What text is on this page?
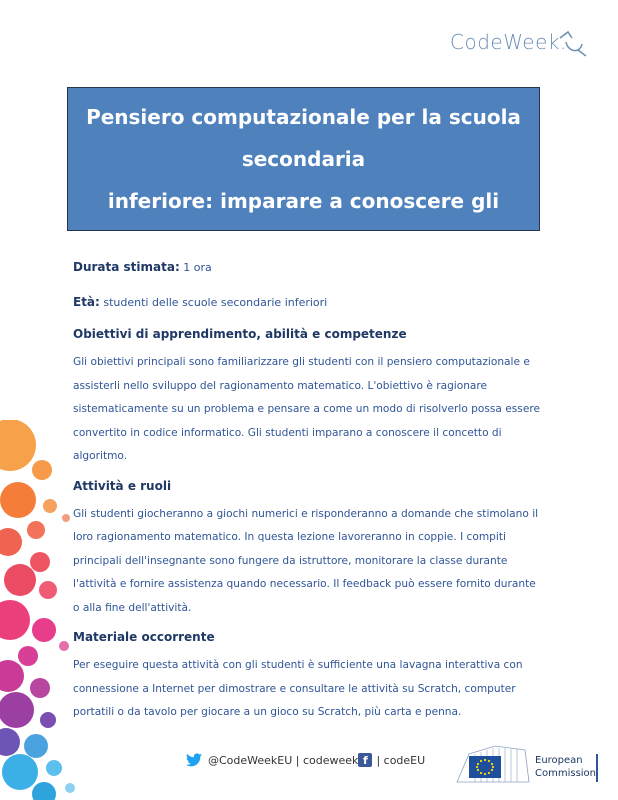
CodeWeek.

Pensiero computazionale per la scuola secondaria
inferiore: imparare a conoscere gli algoritmi

Durata stimata: 1 ora

Età: studenti delle scuole secondarie inferiori

Obiettivi di apprendimento, abilità e competenze

Gli obiettivi principali sono familiarizzare gli studenti con il pensiero computazionale e assisterli nello sviluppo del ragionamento matematico. L'obiettivo è ragionare sistematicamente su un problema e pensare a come un modo di risolverlo possa essere convertito in codice informatico. Gli studenti imparano a conoscere il concetto di algoritmo.

Attività e ruoli

Gli studenti giocheranno a giochi numerici e risponderanno a domande che stimolano il loro ragionamento matematico. In questa lezione lavoreranno in coppie. I compiti principali dell'insegnante sono fungere da istruttore, monitorare la classe durante l'attività e fornire assistenza quando necessario. Il feedback può essere fornito durante o alla fine dell'attività.

Materiale occorrente

Per eseguire questa attività con gli studenti è sufficiente una lavagna interattiva con connessione a Internet per dimostrare e consultare le attività su Scratch, computer portatili o da tavolo per giocare a un gioco su Scratch, più carta e penna.

@CodeWeekEU | codeweek f | codeEU	European
Commission
